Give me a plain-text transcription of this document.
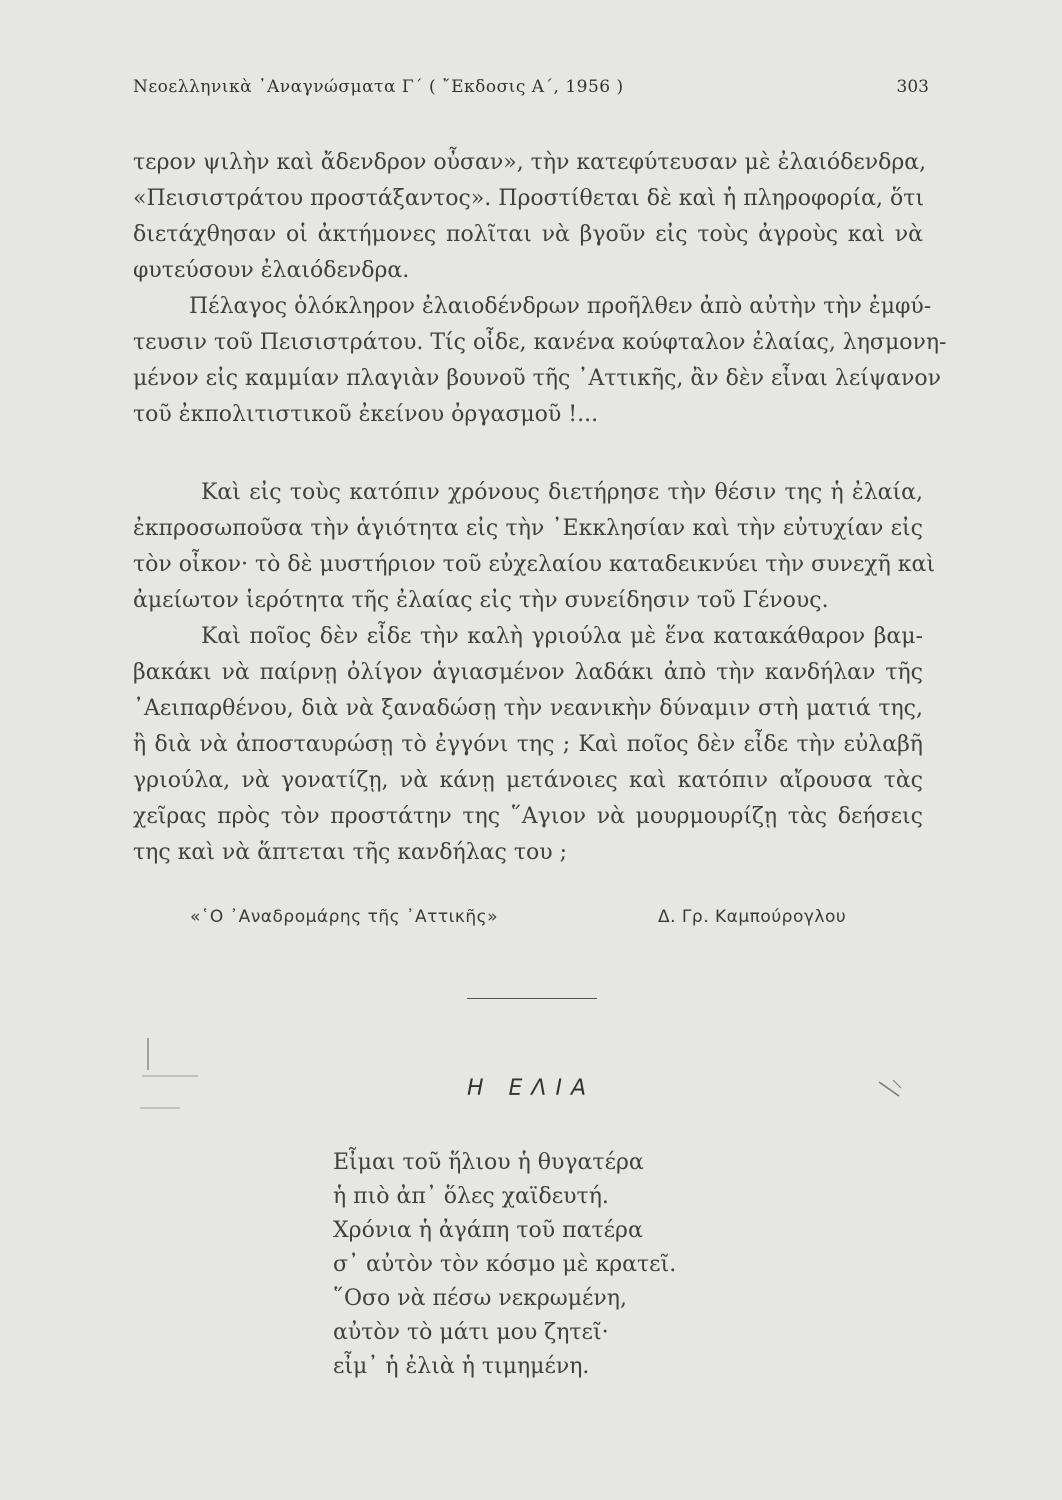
Νεοελληνικὰ ᾿Αναγνώσματα Γ΄ ( ῎Εκδοσις Α΄, 1956 )	303
τερον ψιλὴν καὶ ἄδενδρον οὖσαν», τὴν κατεφύτευσαν μὲ ἐλαιόδενδρα,
«Πεισιστράτου προστάξαντος». Προστίθεται δὲ καὶ ἡ πληροφορία, ὅτι
διετάχθησαν οἱ ἀκτήμονες πολῖται νὰ βγοῦν εἰς τοὺς ἀγροὺς καὶ νὰ
φυτεύσουν ἐλαιόδενδρα.
Πέλαγος ὁλόκληρον ἐλαιοδένδρων προῆλθεν ἀπὸ αὐτὴν τὴν ἐμφύ-
τευσιν τοῦ Πεισιστράτου. Τίς οἶδε, κανένα κούφταλον ἐλαίας, λησμονη-
μένον εἰς καμμίαν πλαγιὰν βουνοῦ τῆς ᾿Αττικῆς, ἂν δὲν εἶναι λείψανον
τοῦ ἐκπολιτιστικοῦ ἐκείνου ὀργασμοῦ !...
Καὶ εἰς τοὺς κατόπιν χρόνους διετήρησε τὴν θέσιν της ἡ ἐλαία,
ἐκπροσωποῦσα τὴν ἁγιότητα εἰς τὴν ᾿Εκκλησίαν καὶ τὴν εὐτυχίαν εἰς
τὸν οἶκον· τὸ δὲ μυστήριον τοῦ εὐχελαίου καταδεικνύει τὴν συνεχῆ καὶ
ἀμείωτον ἱερότητα τῆς ἐλαίας εἰς τὴν συνείδησιν τοῦ Γένους.
Καὶ ποῖος δὲν εἶδε τὴν καλὴ γριούλα μὲ ἕνα κατακάθαρον βαμ-
βακάκι νὰ παίρνῃ ὀλίγον ἁγιασμένον λαδάκι ἀπὸ τὴν κανδήλαν τῆς
᾿Αειπαρθένου, διὰ νὰ ξαναδώσῃ τὴν νεανικὴν δύναμιν στὴ ματιά της,
ἢ διὰ νὰ ἀποσταυρώσῃ τὸ ἐγγόνι της ; Καὶ ποῖος δὲν εἶδε τὴν εὐλαβῆ
γριούλα, νὰ γονατίζῃ, νὰ κάνῃ μετάνοιες καὶ κατόπιν αἴρουσα τὰς
χεῖρας πρὸς τὸν προστάτην της ῞Αγιον νὰ μουρμουρίζῃ τὰς δεήσεις
της καὶ νὰ ἅπτεται τῆς κανδήλας του ;
«῾Ο ᾿Αναδρομάρης τῆς ᾿Αττικῆς»	Δ. Γρ. Καμπούρογλου
Η ΕΛΙΑ
Εἶμαι τοῦ ἥλιου ἡ θυγατέρα
ἡ πιὸ ἀπ᾿ ὅλες χαϊδευτή.
Χρόνια ἡ ἀγάπη τοῦ πατέρα
σ᾿ αὐτὸν τὸν κόσμο μὲ κρατεῖ.
῞Οσο νὰ πέσω νεκρωμένη,
αὐτὸν τὸ μάτι μου ζητεῖ·
εἶμ᾿ ἡ ἐλιὰ ἡ τιμημένη.
